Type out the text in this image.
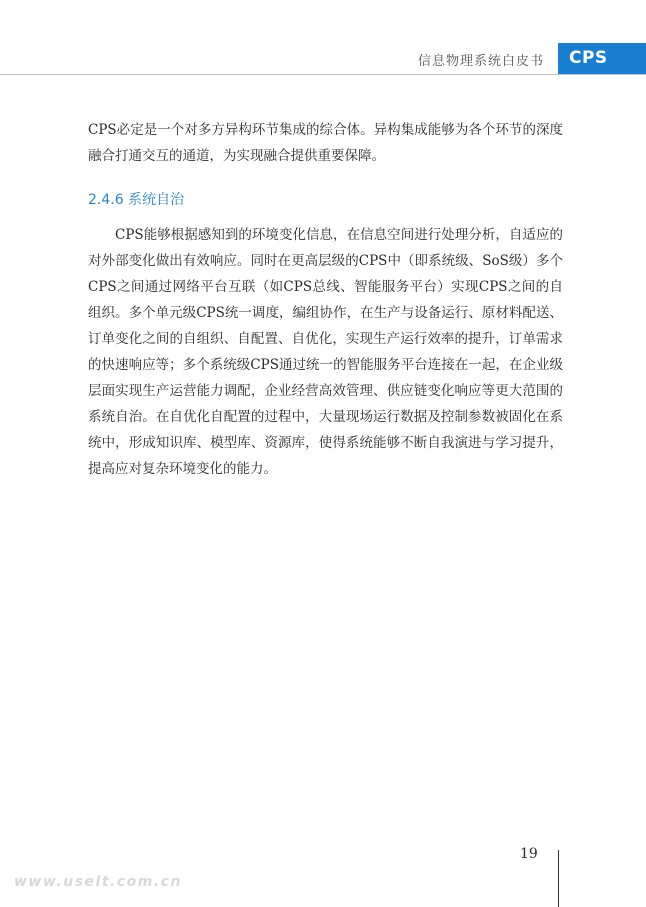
信息物理系统白皮书	CPS

CPS必定是一个对多方异构环节集成的综合体。异构集成能够为各个环节的深度融合打通交互的通道，为实现融合提供重要保障。

2.4.6 系统自治

CPS能够根据感知到的环境变化信息，在信息空间进行处理分析，自适应的对外部变化做出有效响应。同时在更高层级的CPS中（即系统级、SoS级）多个CPS之间通过网络平台互联（如CPS总线、智能服务平台）实现CPS之间的自组织。多个单元级CPS统一调度，编组协作，在生产与设备运行、原材料配送、订单变化之间的自组织、自配置、自优化，实现生产运行效率的提升，订单需求的快速响应等；多个系统级CPS通过统一的智能服务平台连接在一起，在企业级层面实现生产运营能力调配，企业经营高效管理、供应链变化响应等更大范围的系统自治。在自优化自配置的过程中，大量现场运行数据及控制参数被固化在系统中，形成知识库、模型库、资源库，使得系统能够不断自我演进与学习提升，提高应对复杂环境变化的能力。

19
www.uselt.com.cn
